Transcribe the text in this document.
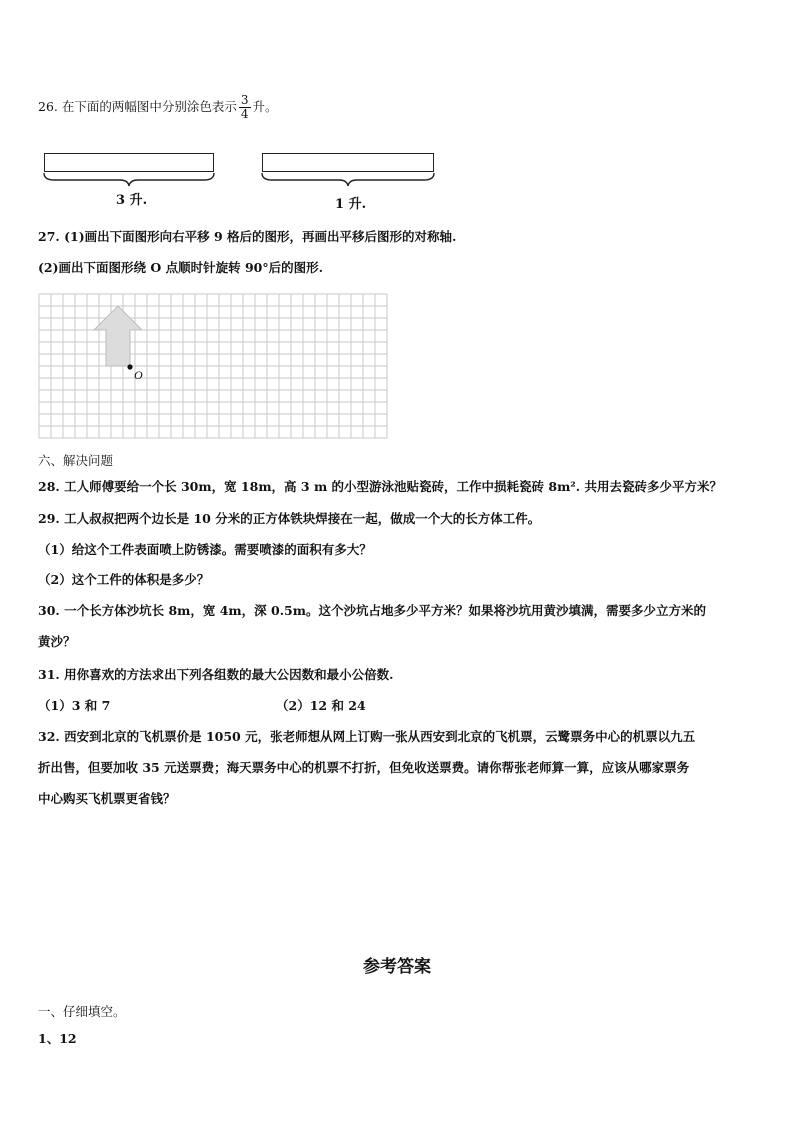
26. 在下面的两幅图中分别涂色表示 $\frac{3}{4}$ 升。
3 升.	1 升.
27. (1)画出下面图形向右平移 9 格后的图形，再画出平移后图形的对称轴.
(2)画出下面图形绕 O 点顺时针旋转 90°后的图形.
O
六、解决问题
28. 工人师傅要给一个长 30m，宽 18m，高 3 m 的小型游泳池贴瓷砖，工作中损耗瓷砖 8m². 共用去瓷砖多少平方米？
29. 工人叔叔把两个边长是 10 分米的正方体铁块焊接在一起，做成一个大的长方体工件。
（1）给这个工件表面喷上防锈漆。需要喷漆的面积有多大？
（2）这个工件的体积是多少？
30. 一个长方体沙坑长 8m，宽 4m，深 0.5m。这个沙坑占地多少平方米？如果将沙坑用黄沙填满，需要多少立方米的
黄沙？
31. 用你喜欢的方法求出下列各组数的最大公因数和最小公倍数.
（1）3 和 7	（2）12 和 24
32. 西安到北京的飞机票价是 1050 元，张老师想从网上订购一张从西安到北京的飞机票，云鹭票务中心的机票以九五
折出售，但要加收 35 元送票费；海天票务中心的机票不打折，但免收送票费。请你帮张老师算一算，应该从哪家票务
中心购买飞机票更省钱？
参考答案
一、仔细填空。
1、12
